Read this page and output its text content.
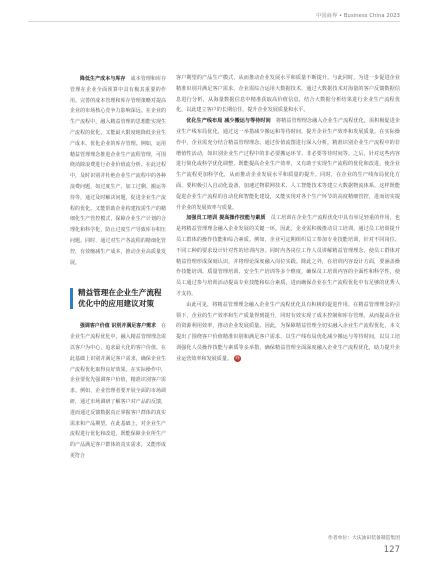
中国商界 • Business China 2023

降低生产成本与库存　 成本管理和库存管理在企业全面预算中具有极其重要的作用。完善的成本管理和库存管理策略对提高企业的市场核心竞争力影响深远。在企业的生产流程中，融入精益管理的思想能实现生产流程的优化，又能最大限度地降低企业生产成本、优化企业的库存管理。例如，运用精益管理理念推进企业生产流程管理，可围绕消除浪费进行企业价值流分析。在此过程中，及时识别并杜绝企业生产流程中的各种浪费问题，如过度生产、加工过剩、搬运等待等，通过及时解决问题，促进企业生产流程的优化。又能帮助企业构建按需生产的精细化生产管控模式，保障企业生产计划的合理化和科学化，防止过度生产导致库存积压问题。同时，通过对生产各流程的精细化管控，有效缩减生产成本，推动企业高质量发展。

精益管理在企业生产流程优化中的应用建议对策

强调客户价值 识别并满足客户需求　 在企业生产流程优化中，融入精益管理理念需以客户为中心，追求最大化的客户价值。在此基础上识别并满足客户需求，确保企业生产流程优化取得良好效果。在实际操作中，企业要优先强调客户价值，精准识别客户需求。例如，企业管理者要开展全面的市场调研，通过市场调研了解客户对产品的反馈，进而通过反馈数据真正掌握客户群体的真实需求和产品期望。在此基础上，对企业生产流程进行优化和改进，既能保障企业所生产的产品满足客户群体的真实需求，又能形成更符合

客户期望的产品生产模式，从而推动企业发展水平和质量不断提升。与此同时，为进一步促进企业精准识别并满足客户需求，企业需综合运用大数据技术，通过大数据技术对海量的客户反馈数据信息进行分析，从海量数据信息中精准获取高价值信息，结合大数据分析结果进行企业生产流程优化，以此建立客户的长期信任，提升企业发展质量和水平。

优化生产线布局 减少搬运与等待时间　 将精益管理理念融入企业生产流程优化，需积极促进企业生产线布局优化，通过这一举措减少搬运和等待时间，提升企业生产效率和发展质量。在实际操作中，企业需充分结合精益管理理念，通过价值流图进行深入分析，精准识别企业生产流程中的非增值性活动，如识别企业生产过程中的非必要搬运环节、非必要等待时间等。之后，针对这些内容进行简化或科学优化调整，既能提高企业生产效率，又有助于实现生产流程的优化和改进。使企业生产流程更加科学化，从而推动企业发展水平和质量的提升。同时，在企业的生产线布局优化方面，要积极引入自动化设备，加速过物联网技术、人工智能技术等建立大数据物流体系。这样既能促进企业生产流程的自动化和智能化建设，又能实现对各个生产环节的高度精细管控，进而切实提升企业的发展效率与质量。

加强员工培训 提高操作技能与素质　 员工培训在企业生产流程优化中具有举足轻重的作用，也是将精益管理理念融入企业发展的关键一环。因此，企业需积极推动员工培训，通过员工培训提升员工群体的操作技能和综合素质。例如，企业可定期组织员工参加专业技能培训，针对不同岗位、不同工种的要求设计针对性的培训内容。同时内各岗位工作人员讲解精益管理理念，使员工群体对精益管理形成深刻认识，并将理论深度融入岗位实践。除此之外，在培训内容设计方面，要涵盖操作技能培训、质量管理培训、安全生产培训等多个维度，确保员工培训内容的全面性和科学性，使员工通过参与培训活动提高专业技能和综合素质，进而确保企业在生产流程优化中有足够的优秀人才支持。

由此可见，将精益管理理念融入企业生产流程优化具有积极的促进作用。在精益管理理念的引领下，企业的生产效率和生产质量得到提升，同时有效实现了成本控制和库存管理，从而提高企业的资源利用效率，推动企业发展质量。因此，为保障精益管理全切实融入企业生产流程优化，本文提出了围绕客户价值精准识别和满足客户需求、以生产线布局优化减少搬运与等待时间，以员工培训强化人员操作技能与素质等多举措，确保精益管理全面深度融入企业生产流程优化，助力提升企业运营效率和发展质量。 商

作者单位：大庆油田装备制造集团
127
